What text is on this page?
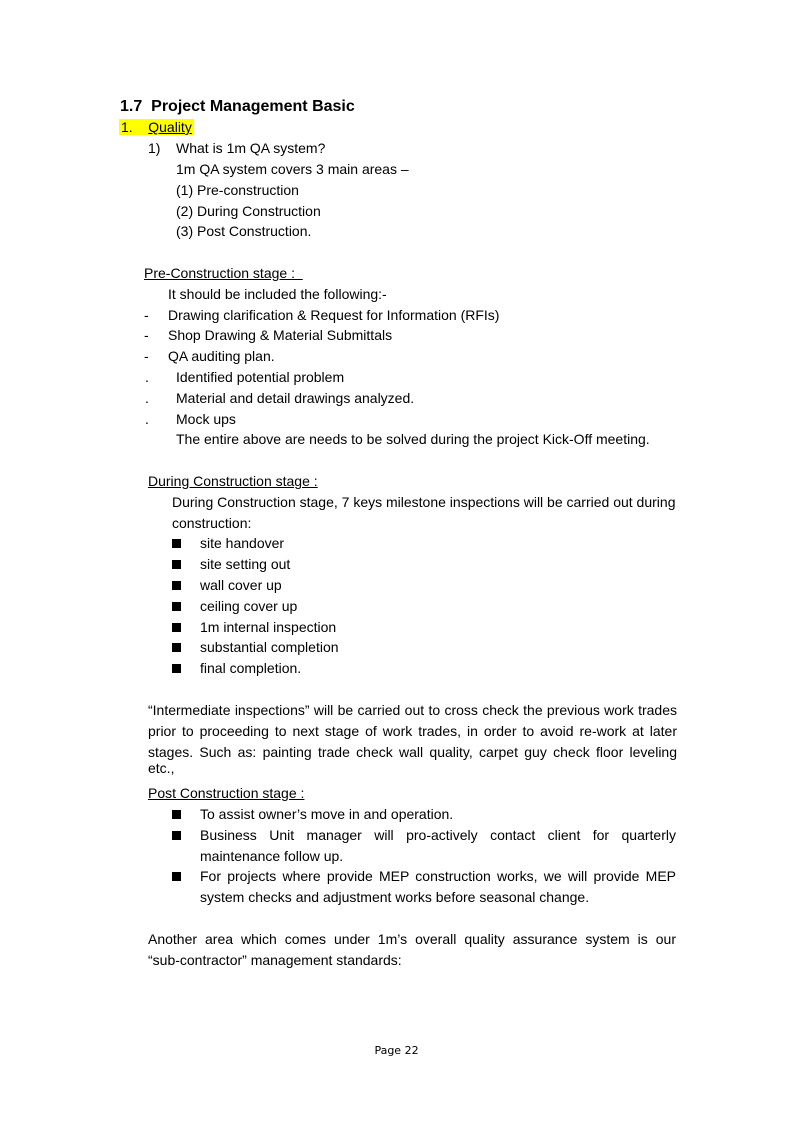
1.7 Project Management Basic
1. Quality
1) What is 1m QA system?
1m QA system covers 3 main areas –
(1) Pre-construction
(2) During Construction
(3) Post Construction.
Pre-Construction stage :
It should be included the following:-
- Drawing clarification & Request for Information (RFIs)
- Shop Drawing & Material Submittals
- QA auditing plan.
. Identified potential problem
. Material and detail drawings analyzed.
. Mock ups
The entire above are needs to be solved during the project Kick-Off meeting.
During Construction stage :
During Construction stage, 7 keys milestone inspections will be carried out during
construction:
site handover
site setting out
wall cover up
ceiling cover up
1m internal inspection
substantial completion
final completion.
“Intermediate inspections” will be carried out to cross check the previous work trades
prior to proceeding to next stage of work trades, in order to avoid re-work at later
stages. Such as: painting trade check wall quality, carpet guy check floor leveling etc.,
Post Construction stage :
To assist owner’s move in and operation.
Business Unit manager will pro-actively contact client for quarterly
maintenance follow up.
For projects where provide MEP construction works, we will provide MEP
system checks and adjustment works before seasonal change.
Another area which comes under 1m’s overall quality assurance system is our
“sub-contractor” management standards:
Page 22
